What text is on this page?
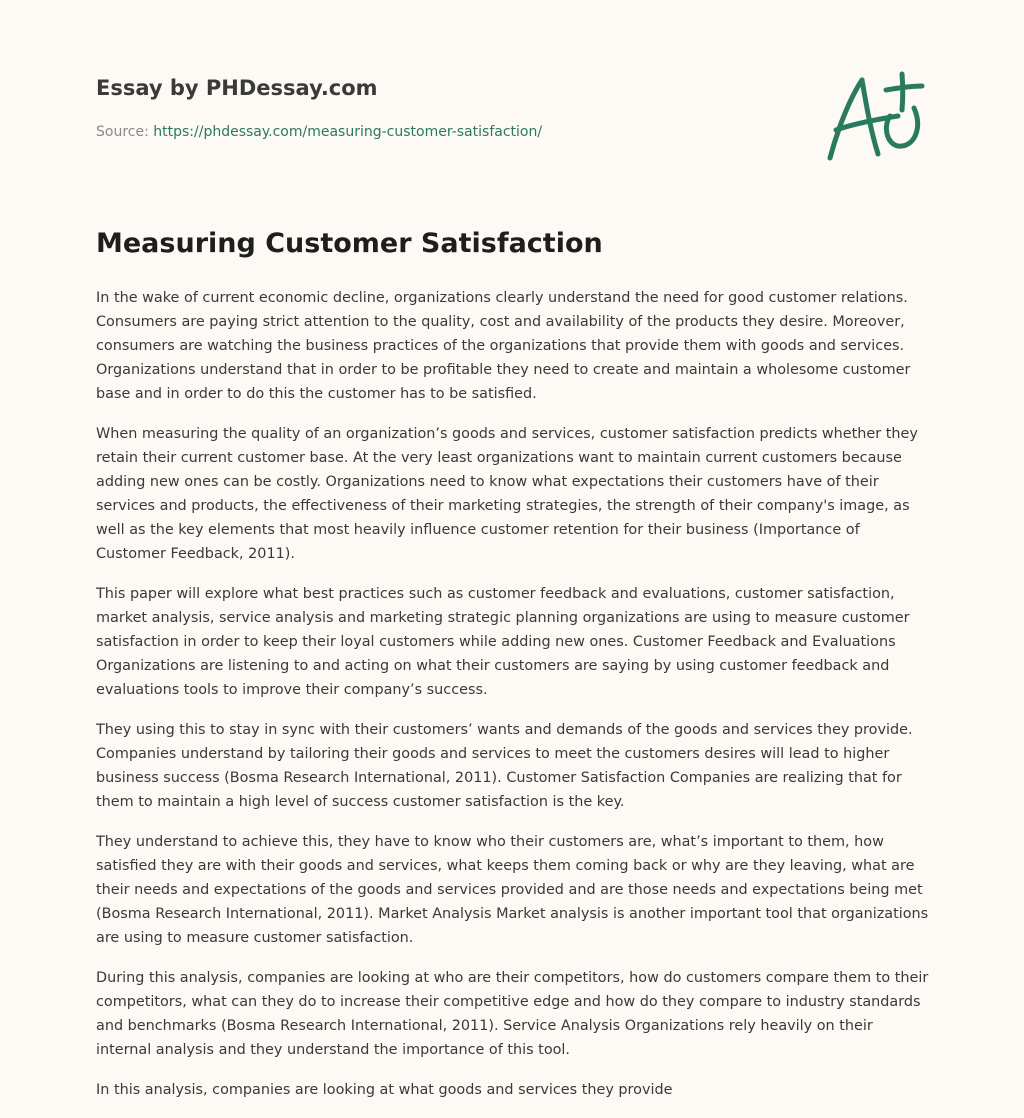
Essay by PHDessay.com
Source: https://phdessay.com/measuring-customer-satisfaction/
Measuring Customer Satisfaction

In the wake of current economic decline, organizations clearly understand the need for good customer relations. Consumers are paying strict attention to the quality, cost and availability of the products they desire. Moreover, consumers are watching the business practices of the organizations that provide them with goods and services. Organizations understand that in order to be profitable they need to create and maintain a wholesome customer base and in order to do this the customer has to be satisfied.

When measuring the quality of an organization’s goods and services, customer satisfaction predicts whether they retain their current customer base. At the very least organizations want to maintain current customers because adding new ones can be costly. Organizations need to know what expectations their customers have of their services and products, the effectiveness of their marketing strategies, the strength of their company's image, as well as the key elements that most heavily influence customer retention for their business (Importance of Customer Feedback, 2011).

This paper will explore what best practices such as customer feedback and evaluations, customer satisfaction, market analysis, service analysis and marketing strategic planning organizations are using to measure customer satisfaction in order to keep their loyal customers while adding new ones. Customer Feedback and Evaluations Organizations are listening to and acting on what their customers are saying by using customer feedback and evaluations tools to improve their company’s success.

They using this to stay in sync with their customers’ wants and demands of the goods and services they provide. Companies understand by tailoring their goods and services to meet the customers desires will lead to higher business success (Bosma Research International, 2011). Customer Satisfaction Companies are realizing that for them to maintain a high level of success customer satisfaction is the key.

They understand to achieve this, they have to know who their customers are, what’s important to them, how satisfied they are with their goods and services, what keeps them coming back or why are they leaving, what are their needs and expectations of the goods and services provided and are those needs and expectations being met (Bosma Research International, 2011). Market Analysis Market analysis is another important tool that organizations are using to measure customer satisfaction.

During this analysis, companies are looking at who are their competitors, how do customers compare them to their competitors, what can they do to increase their competitive edge and how do they compare to industry standards and benchmarks (Bosma Research International, 2011). Service Analysis Organizations rely heavily on their internal analysis and they understand the importance of this tool.

In this analysis, companies are looking at what goods and services they provide
